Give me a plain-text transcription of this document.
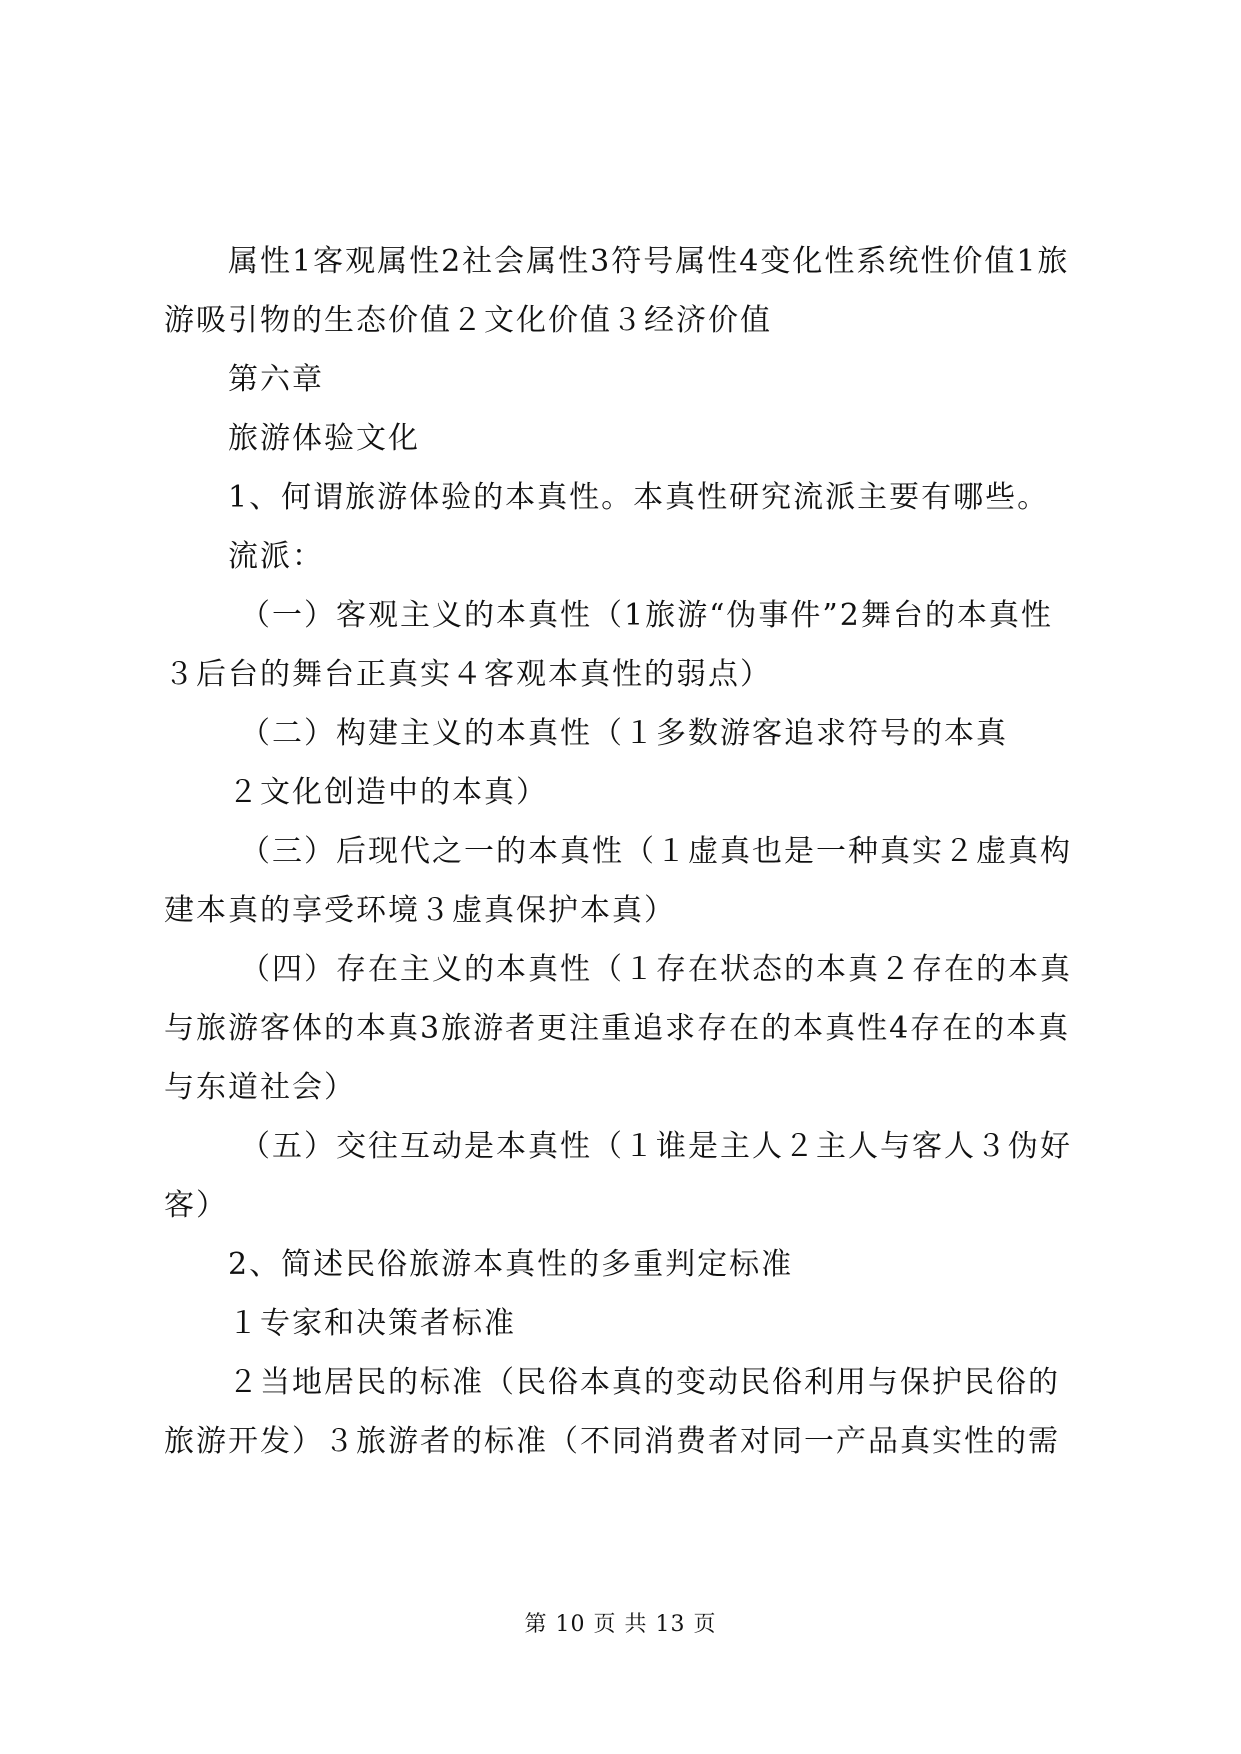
属性1客观属性2社会属性3符号属性4变化性系统性价值1旅游吸引物的生态价值２文化价值３经济价值

第六章

旅游体验文化

1、何谓旅游体验的本真性。本真性研究流派主要有哪些。

流派：

（一）客观主义的本真性（1旅游“伪事件”2舞台的本真性３后台的舞台正真实４客观本真性的弱点）

（二）构建主义的本真性（１多数游客追求符号的本真

２文化创造中的本真）

（三）后现代之一的本真性（１虚真也是一种真实２虚真构建本真的享受环境３虚真保护本真）

（四）存在主义的本真性（１存在状态的本真２存在的本真与旅游客体的本真3旅游者更注重追求存在的本真性4存在的本真与东道社会）

（五）交往互动是本真性（１谁是主人２主人与客人３伪好客）

2、简述民俗旅游本真性的多重判定标准

１专家和决策者标准

２当地居民的标准（民俗本真的变动民俗利用与保护民俗的旅游开发）３旅游者的标准（不同消费者对同一产品真实性的需

第 10 页 共 13 页
